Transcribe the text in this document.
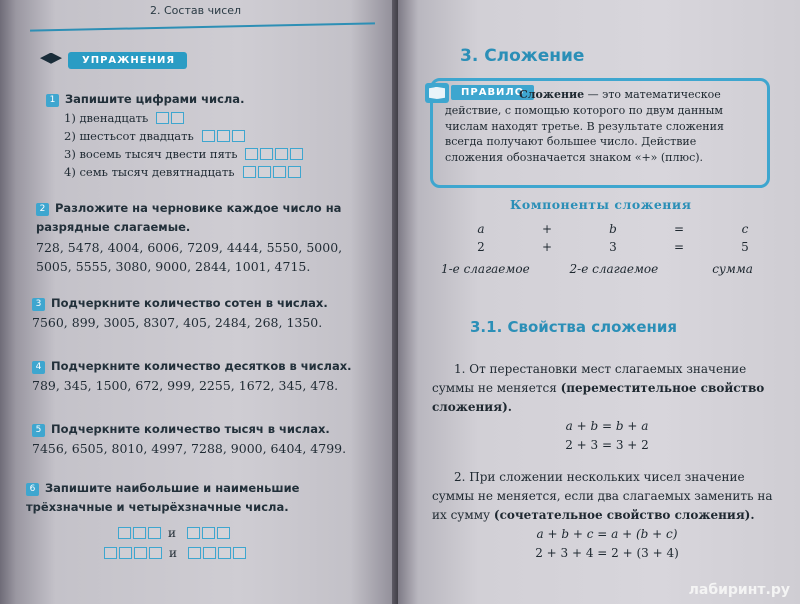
2. Состав чисел
УПРАЖНЕНИЯ
1 Запишите цифрами числа.
1) двенадцать
2) шестьсот двадцать
3) восемь тысяч двести пять
4) семь тысяч девятнадцать
2 Разложите на черновике каждое число на разрядные слагаемые.
728, 5478, 4004, 6006, 7209, 4444, 5550, 5000,
5005, 5555, 3080, 9000, 2844, 1001, 4715.
3 Подчеркните количество сотен в числах.
7560, 899, 3005, 8307, 405, 2484, 268, 1350.
4 Подчеркните количество десятков в числах.
789, 345, 1500, 672, 999, 2255, 1672, 345, 478.
5 Подчеркните количество тысяч в числах.
7456, 6505, 8010, 4997, 7288, 9000, 6404, 4799.
6 Запишите наибольшие и наименьшие трёхзначные и четырёхзначные числа.
и
и
3. Сложение
ПРАВИЛО
Сложение — это математическое
действие, с помощью которого по двум данным числам находят третье. В результате сложения всегда получают большее число. Действие сложения обозначается знаком «+» (плюс).
Компоненты сложения
a	+	b	=	c
2	+	3	=	5
1-е слагаемое	2-е слагаемое	сумма
3.1. Свойства сложения
1. От перестановки мест слагаемых значение суммы не меняется (переместительное свойство сложения).
a + b = b + a
2 + 3 = 3 + 2
2. При сложении нескольких чисел значение суммы не меняется, если два слагаемых заменить на их сумму (сочетательное свойство сложения).
a + b + c = a + (b + c)
2 + 3 + 4 = 2 + (3 + 4)
лабиринт.ру
